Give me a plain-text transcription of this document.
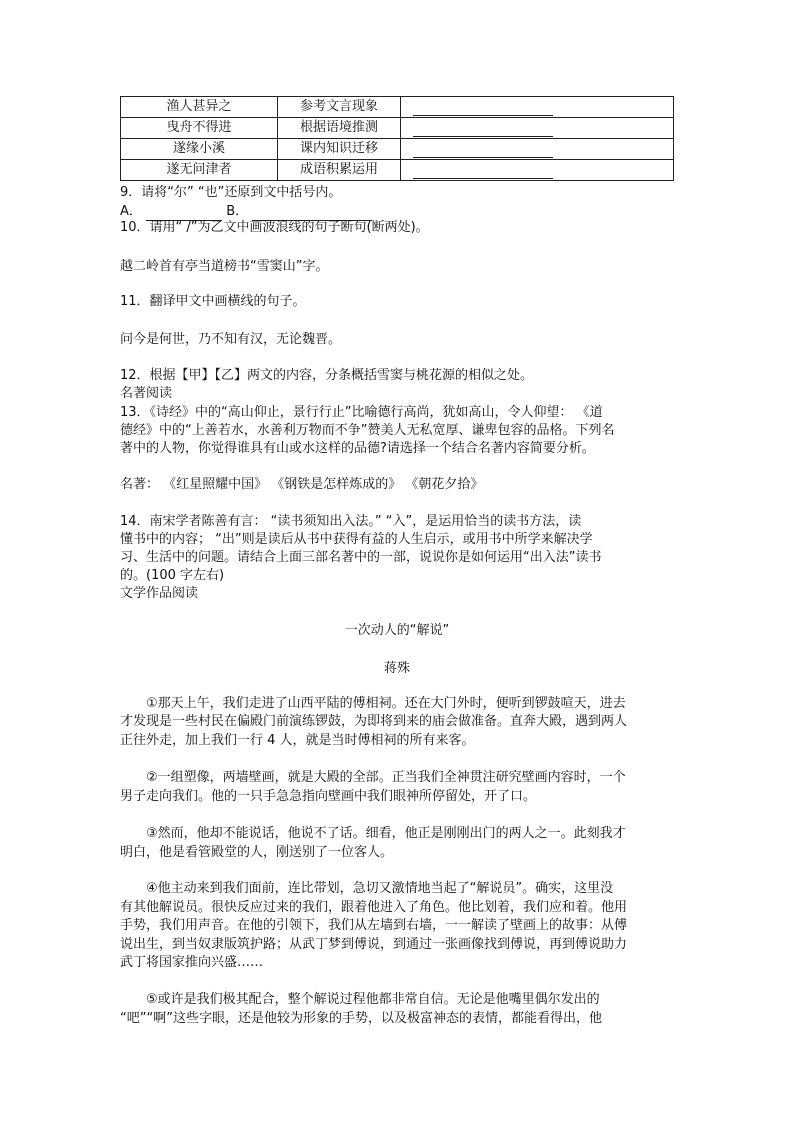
渔人甚异之	参考文言现象	
曳舟不得进	根据语境推测	
遂缘小溪	课内知识迁移	
遂无问津者	成语积累运用	
9．请将“尔” “也”还原到文中括号内。
A．	B．
10．请用“ /”为乙文中画波浪线的句子断句(断两处)。
越二岭首有亭当道榜书“雪窦山”字。
11．翻译甲文中画横线的句子。
问今是何世，乃不知有汉，无论魏晋。
12．根据【甲】【乙】两文的内容，分条概括雪窦与桃花源的相似之处。
名著阅读
13．《诗经》中的“高山仰止，景行行止”比喻德行高尚，犹如高山，令人仰望： 《道
德经》中的“上善若水，水善利万物而不争”赞美人无私宽厚、谦卑包容的品格。下列名
著中的人物，你觉得谁具有山或水这样的品德?请选择一个结合名著内容简要分析。
名著： 《红星照耀中国》 《钢铁是怎样炼成的》 《朝花夕拾》
14．南宋学者陈善有言： “读书须知出入法。” “入”，是运用恰当的读书方法，读
懂书中的内容； “出”则是读后从书中获得有益的人生启示，或用书中所学来解决学
习、生活中的问题。请结合上面三部名著中的一部，说说你是如何运用“出入法”读书
的。(100 字左右)
文学作品阅读
一次动人的“解说”
蒋殊
①那天上午，我们走进了山西平陆的傅相祠。还在大门外时，便听到锣鼓喧天，进去
才发现是一些村民在偏殿门前演练锣鼓，为即将到来的庙会做准备。直奔大殿，遇到两人
正往外走，加上我们一行 4 人，就是当时傅相祠的所有来客。
②一组塑像，两墙壁画，就是大殿的全部。正当我们全神贯注研究壁画内容时，一个
男子走向我们。他的一只手急急指向壁画中我们眼神所停留处，开了口。
③然而，他却不能说话，他说不了话。细看，他正是刚刚出门的两人之一。此刻我才
明白，他是看管殿堂的人，刚送别了一位客人。
④他主动来到我们面前，连比带划，急切又激情地当起了“解说员”。确实，这里没
有其他解说员。很快反应过来的我们，跟着他进入了角色。他比划着，我们应和着。他用
手势，我们用声音。在他的引领下，我们从左墙到右墙，一一解读了壁画上的故事：从傅
说出生，到当奴隶版筑护路；从武丁梦到傅说，到通过一张画像找到傅说，再到傅说助力
武丁将国家推向兴盛……
⑤或许是我们极其配合，整个解说过程他都非常自信。无论是他嘴里偶尔发出的
“吧”“啊”这些字眼，还是他较为形象的手势，以及极富神态的表情，都能看得出，他
